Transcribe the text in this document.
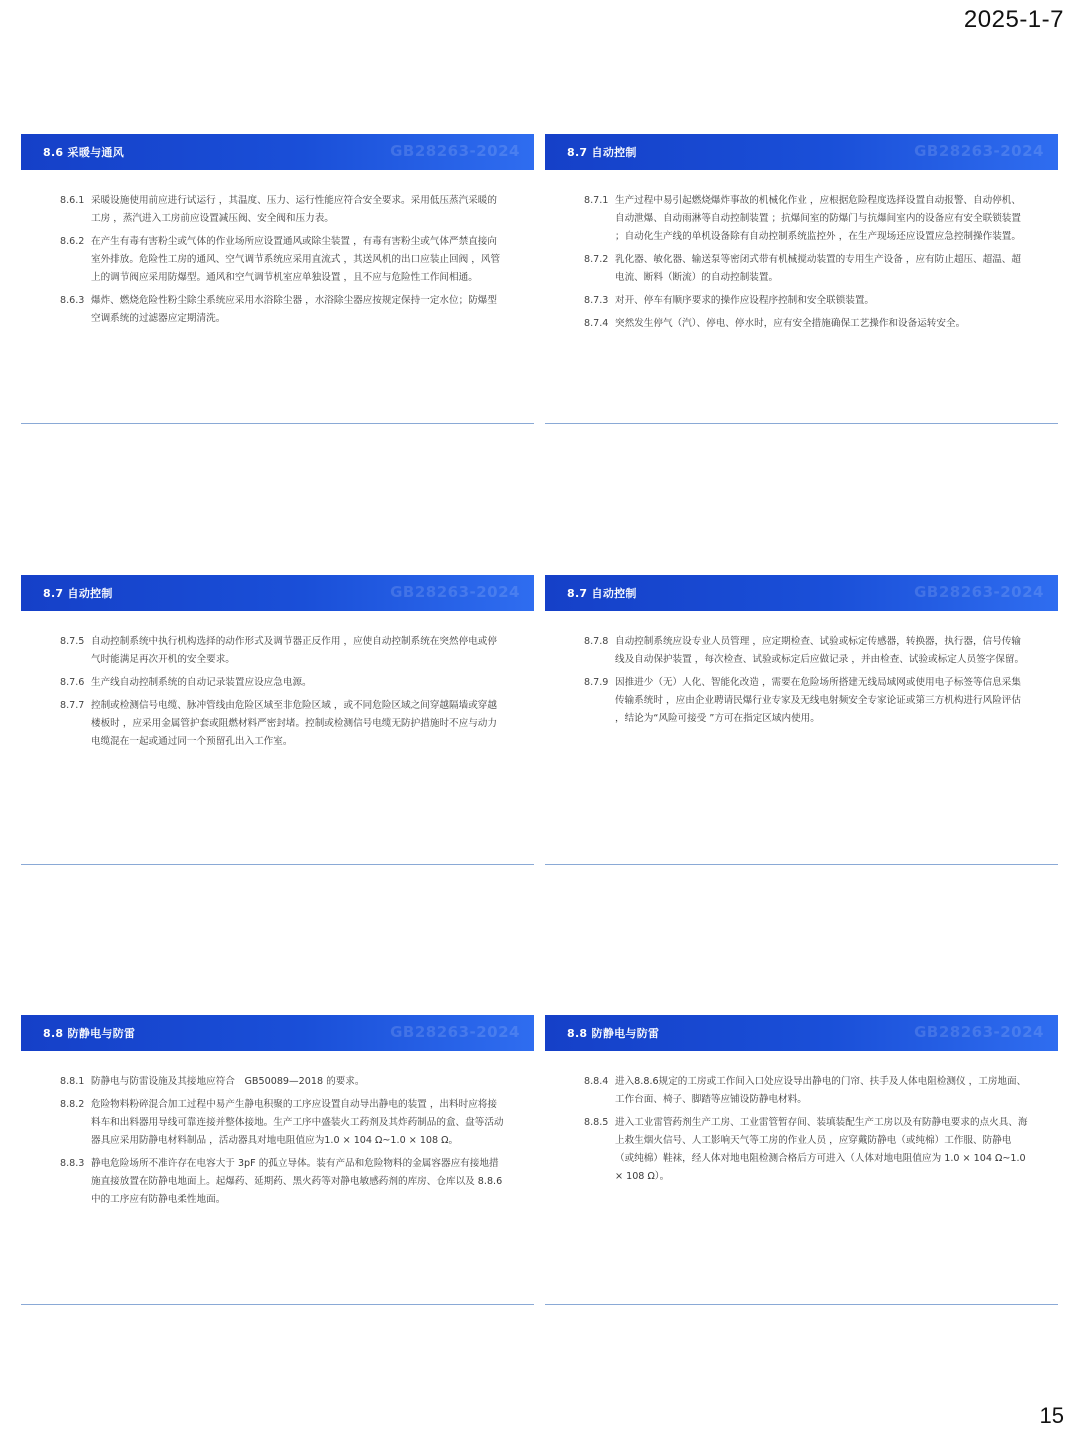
2025-1-7
8.6 采暖与通风	GB28263-2024
8.6.1 采暖设施使用前应进行试运行 ，其温度、压力、运行性能应符合安全要求。采用低压蒸汽采暖的工房 ，蒸汽进入工房前应设置减压阀、安全阀和压力表。
8.6.2 在产生有毒有害粉尘或气体的作业场所应设置通风或除尘装置 ，有毒有害粉尘或气体严禁直接向室外排放。危险性工房的通风、空气调节系统应采用直流式 ，其送风机的出口应装止回阀 ，风管上的调节阀应采用防爆型。通风和空气调节机室应单独设置 ，且不应与危险性工作间相通。
8.6.3 爆炸、燃烧危险性粉尘除尘系统应采用水浴除尘器 ，水浴除尘器应按规定保持一定水位；防爆型空调系统的过滤器应定期清洗。
8.7 自动控制	GB28263-2024
8.7.1 生产过程中易引起燃烧爆炸事故的机械化作业 ，应根据危险程度选择设置自动报警、自动停机、自动泄爆、自动雨淋等自动控制装置 ；抗爆间室的防爆门与抗爆间室内的设备应有安全联锁装置 ；自动化生产线的单机设备除有自动控制系统监控外 ，在生产现场还应设置应急控制操作装置。
8.7.2 乳化器、敏化器、输送泵等密闭式带有机械搅动装置的专用生产设备 ，应有防止超压、超温、超电流、断料（断流）的自动控制装置。
8.7.3 对开、停车有顺序要求的操作应设程序控制和安全联锁装置。
8.7.4 突然发生停气（汽）、停电、停水时，应有安全措施确保工艺操作和设备运转安全。
8.7 自动控制	GB28263-2024
8.7.5 自动控制系统中执行机构选择的动作形式及调节器正反作用 ，应使自动控制系统在突然停电或停气时能满足再次开机的安全要求。
8.7.6 生产线自动控制系统的自动记录装置应设应急电源。
8.7.7 控制或检测信号电缆、脉冲管线由危险区域至非危险区域 ，或不同危险区域之间穿越隔墙或穿越楼板时 ，应采用金属管护套或阻燃材料严密封堵。控制或检测信号电缆无防护措施时不应与动力电缆混在一起或通过同一个预留孔出入工作室。
8.7 自动控制	GB28263-2024
8.7.8 自动控制系统应设专业人员管理 ，应定期检查、试验或标定传感器，转换器，执行器，信号传输线及自动保护装置 ，每次检查、试验或标定后应做记录 ，并由检查、试验或标定人员签字保留。
8.7.9 因推进少（无）人化、智能化改造 ，需要在危险场所搭建无线局域网或使用电子标签等信息采集传输系统时 ，应由企业聘请民爆行业专家及无线电射频安全专家论证或第三方机构进行风险评估 ，结论为“风险可接受 ”方可在指定区域内使用。
8.8 防静电与防雷	GB28263-2024
8.8.1 防静电与防雷设施及其接地应符合　GB50089—2018 的要求。
8.8.2 危险物料粉碎混合加工过程中易产生静电积聚的工序应设置自动导出静电的装置 ，出料时应将接料车和出料器用导线可靠连接并整体接地。生产工序中盛装火工药剂及其炸药制品的盒、盘等活动器具应采用防静电材料制品 ，活动器具对地电阻值应为1.0 × 104 Ω~1.0 × 108 Ω。
8.8.3 静电危险场所不准许存在电容大于 3pF 的孤立导体。装有产品和危险物料的金属容器应有接地措施直接放置在防静电地面上。起爆药、延期药、黑火药等对静电敏感药剂的库房、仓库以及 8.8.6 中的工序应有防静电柔性地面。
8.8 防静电与防雷	GB28263-2024
8.8.4 进入8.8.6规定的工房或工作间入口处应设导出静电的门帘、扶手及人体电阻检测仪 ，工房地面、工作台面、椅子、脚踏等应铺设防静电材料。
8.8.5 进入工业雷管药剂生产工房、工业雷管暂存间、装填装配生产工房以及有防静电要求的点火具、海上救生烟火信号、人工影响天气等工房的作业人员 ，应穿戴防静电（或纯棉）工作服、防静电（或纯棉）鞋袜，经人体对地电阻检测合格后方可进入（人体对地电阻值应为 1.0 × 104 Ω~1.0 × 108 Ω）。
15
